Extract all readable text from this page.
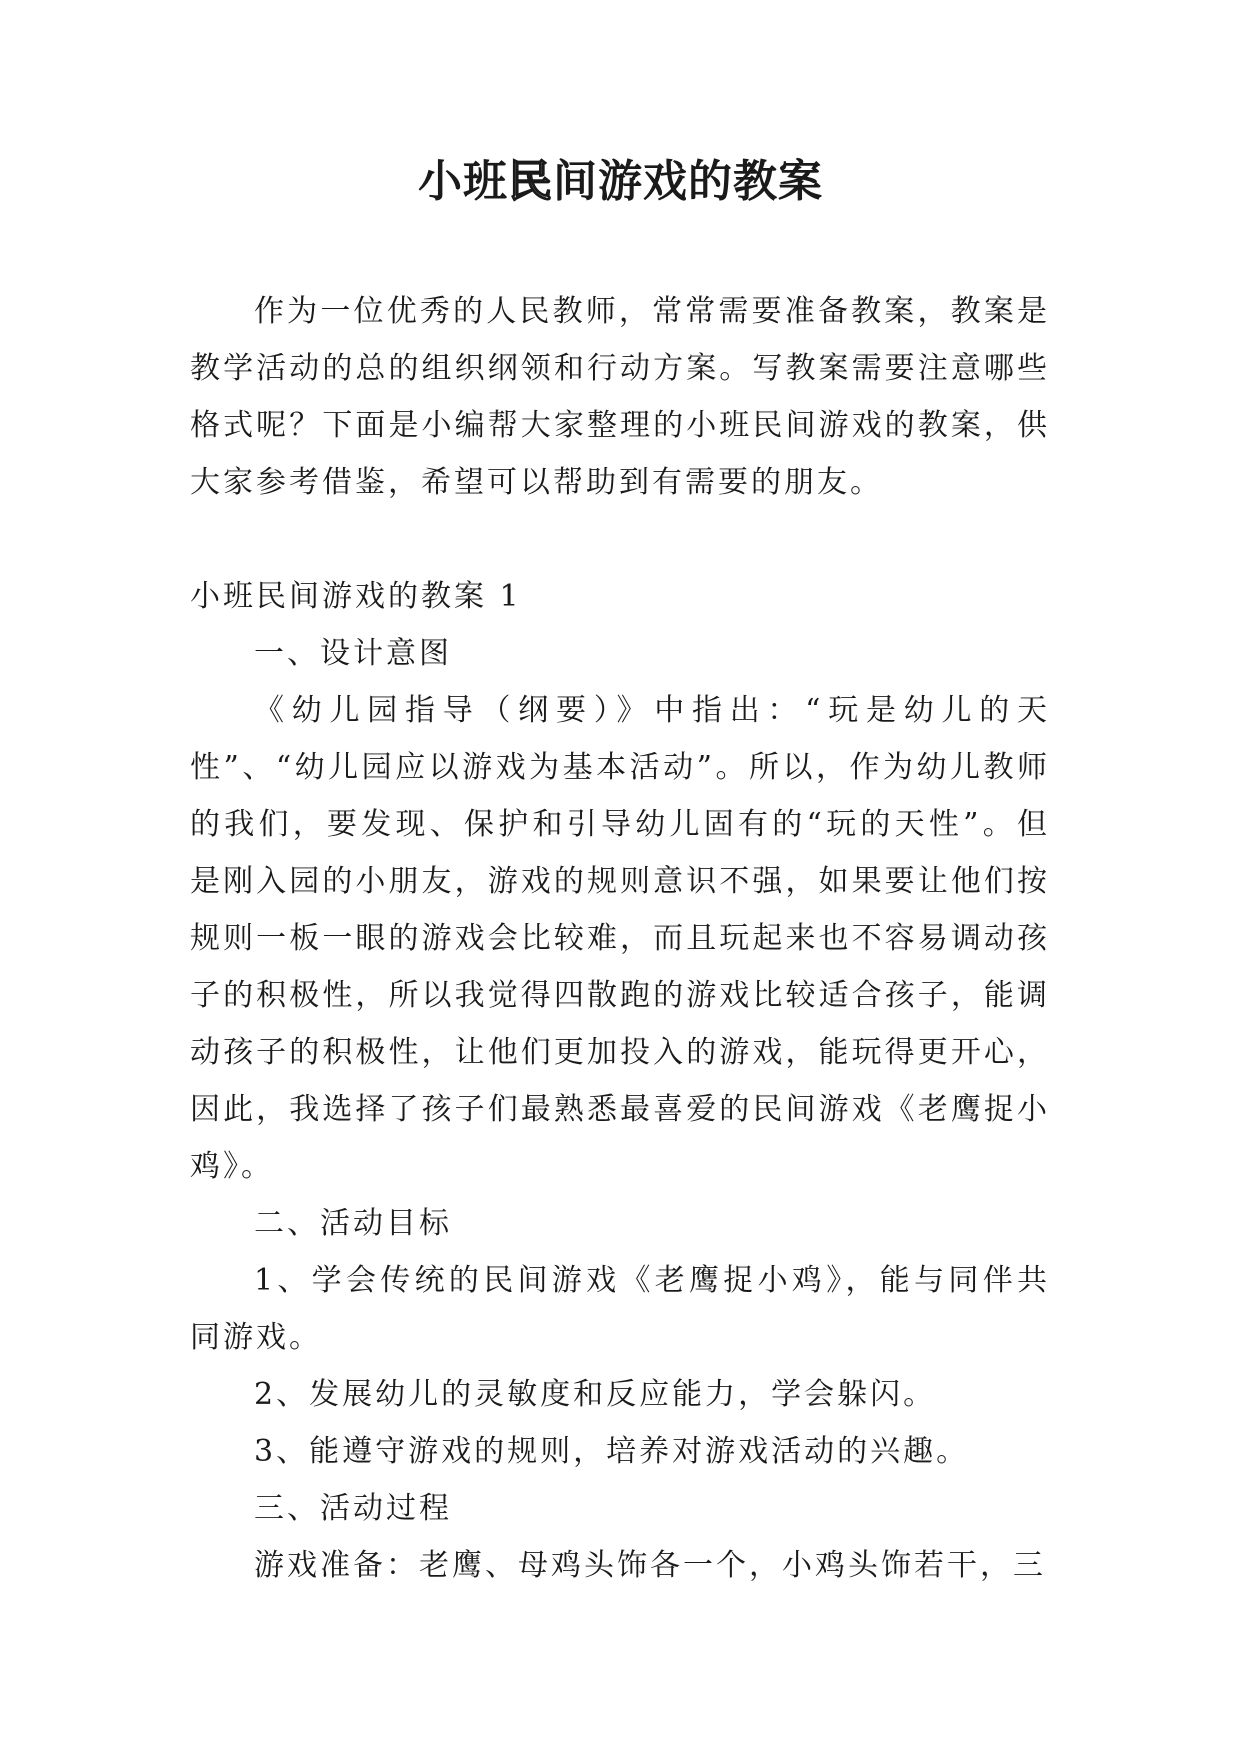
小班民间游戏的教案

作为一位优秀的人民教师，常常需要准备教案，教案是教学活动的总的组织纲领和行动方案。写教案需要注意哪些格式呢？下面是小编帮大家整理的小班民间游戏的教案，供大家参考借鉴，希望可以帮助到有需要的朋友。

小班民间游戏的教案 1

一、设计意图

《幼儿园指导（纲要）》中指出：“玩是幼儿的天性”、“幼儿园应以游戏为基本活动”。所以，作为幼儿教师的我们，要发现、保护和引导幼儿固有的“玩的天性”。但是刚入园的小朋友，游戏的规则意识不强，如果要让他们按规则一板一眼的游戏会比较难，而且玩起来也不容易调动孩子的积极性，所以我觉得四散跑的游戏比较适合孩子，能调动孩子的积极性，让他们更加投入的游戏，能玩得更开心，因此，我选择了孩子们最熟悉最喜爱的民间游戏《老鹰捉小鸡》。

二、活动目标

1、学会传统的民间游戏《老鹰捉小鸡》，能与同伴共同游戏。

2、发展幼儿的灵敏度和反应能力，学会躲闪。

3、能遵守游戏的规则，培养对游戏活动的兴趣。

三、活动过程

游戏准备：老鹰、母鸡头饰各一个，小鸡头饰若干，三
